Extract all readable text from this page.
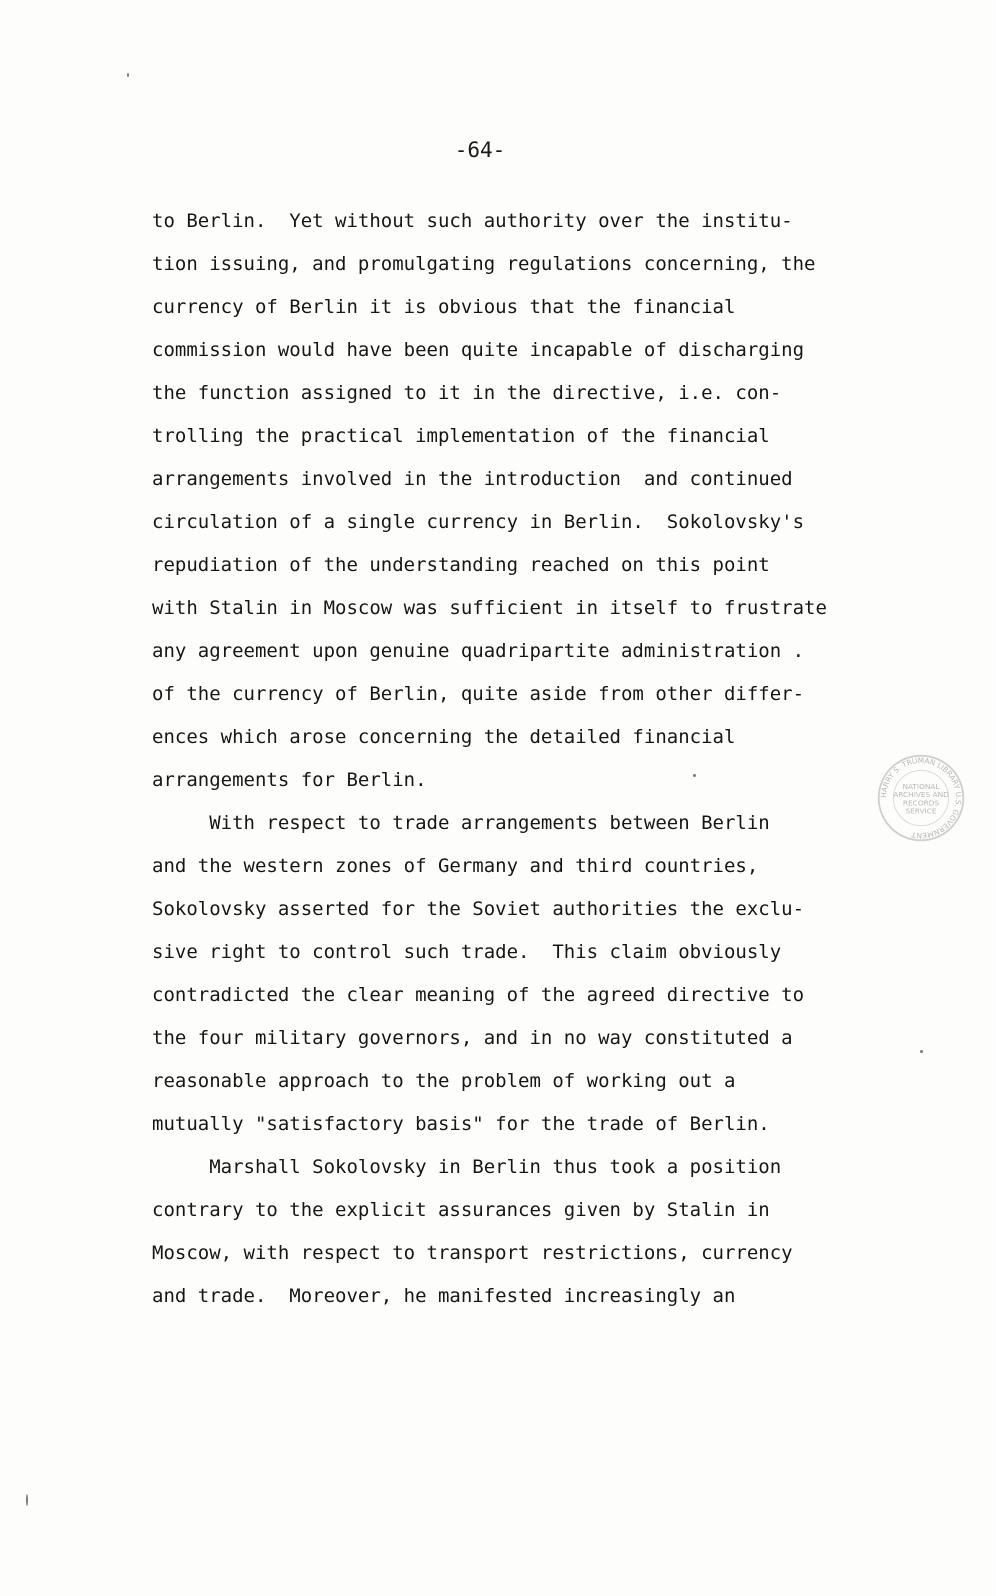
-64-
to Berlin.  Yet without such authority over the institu-
tion issuing, and promulgating regulations concerning, the
currency of Berlin it is obvious that the financial
commission would have been quite incapable of discharging
the function assigned to it in the directive, i.e. con-
trolling the practical implementation of the financial
arrangements involved in the introduction  and continued
circulation of a single currency in Berlin.  Sokolovsky's
repudiation of the understanding reached on this point
with Stalin in Moscow was sufficient in itself to frustrate
any agreement upon genuine quadripartite administration .
of the currency of Berlin, quite aside from other differ-
ences which arose concerning the detailed financial
arrangements for Berlin.
With respect to trade arrangements between Berlin
and the western zones of Germany and third countries,
Sokolovsky asserted for the Soviet authorities the exclu-
sive right to control such trade.  This claim obviously
contradicted the clear meaning of the agreed directive to
the four military governors, and in no way constituted a
reasonable approach to the problem of working out a
mutually "satisfactory basis" for the trade of Berlin.
Marshall Sokolovsky in Berlin thus took a position
contrary to the explicit assurances given by Stalin in
Moscow, with respect to transport restrictions, currency
and trade.  Moreover, he manifested increasingly an
HARRY S. TRUMAN LIBRARY U.S. GOVERNMENT
NATIONAL
ARCHIVES AND
RECORDS
SERVICE
